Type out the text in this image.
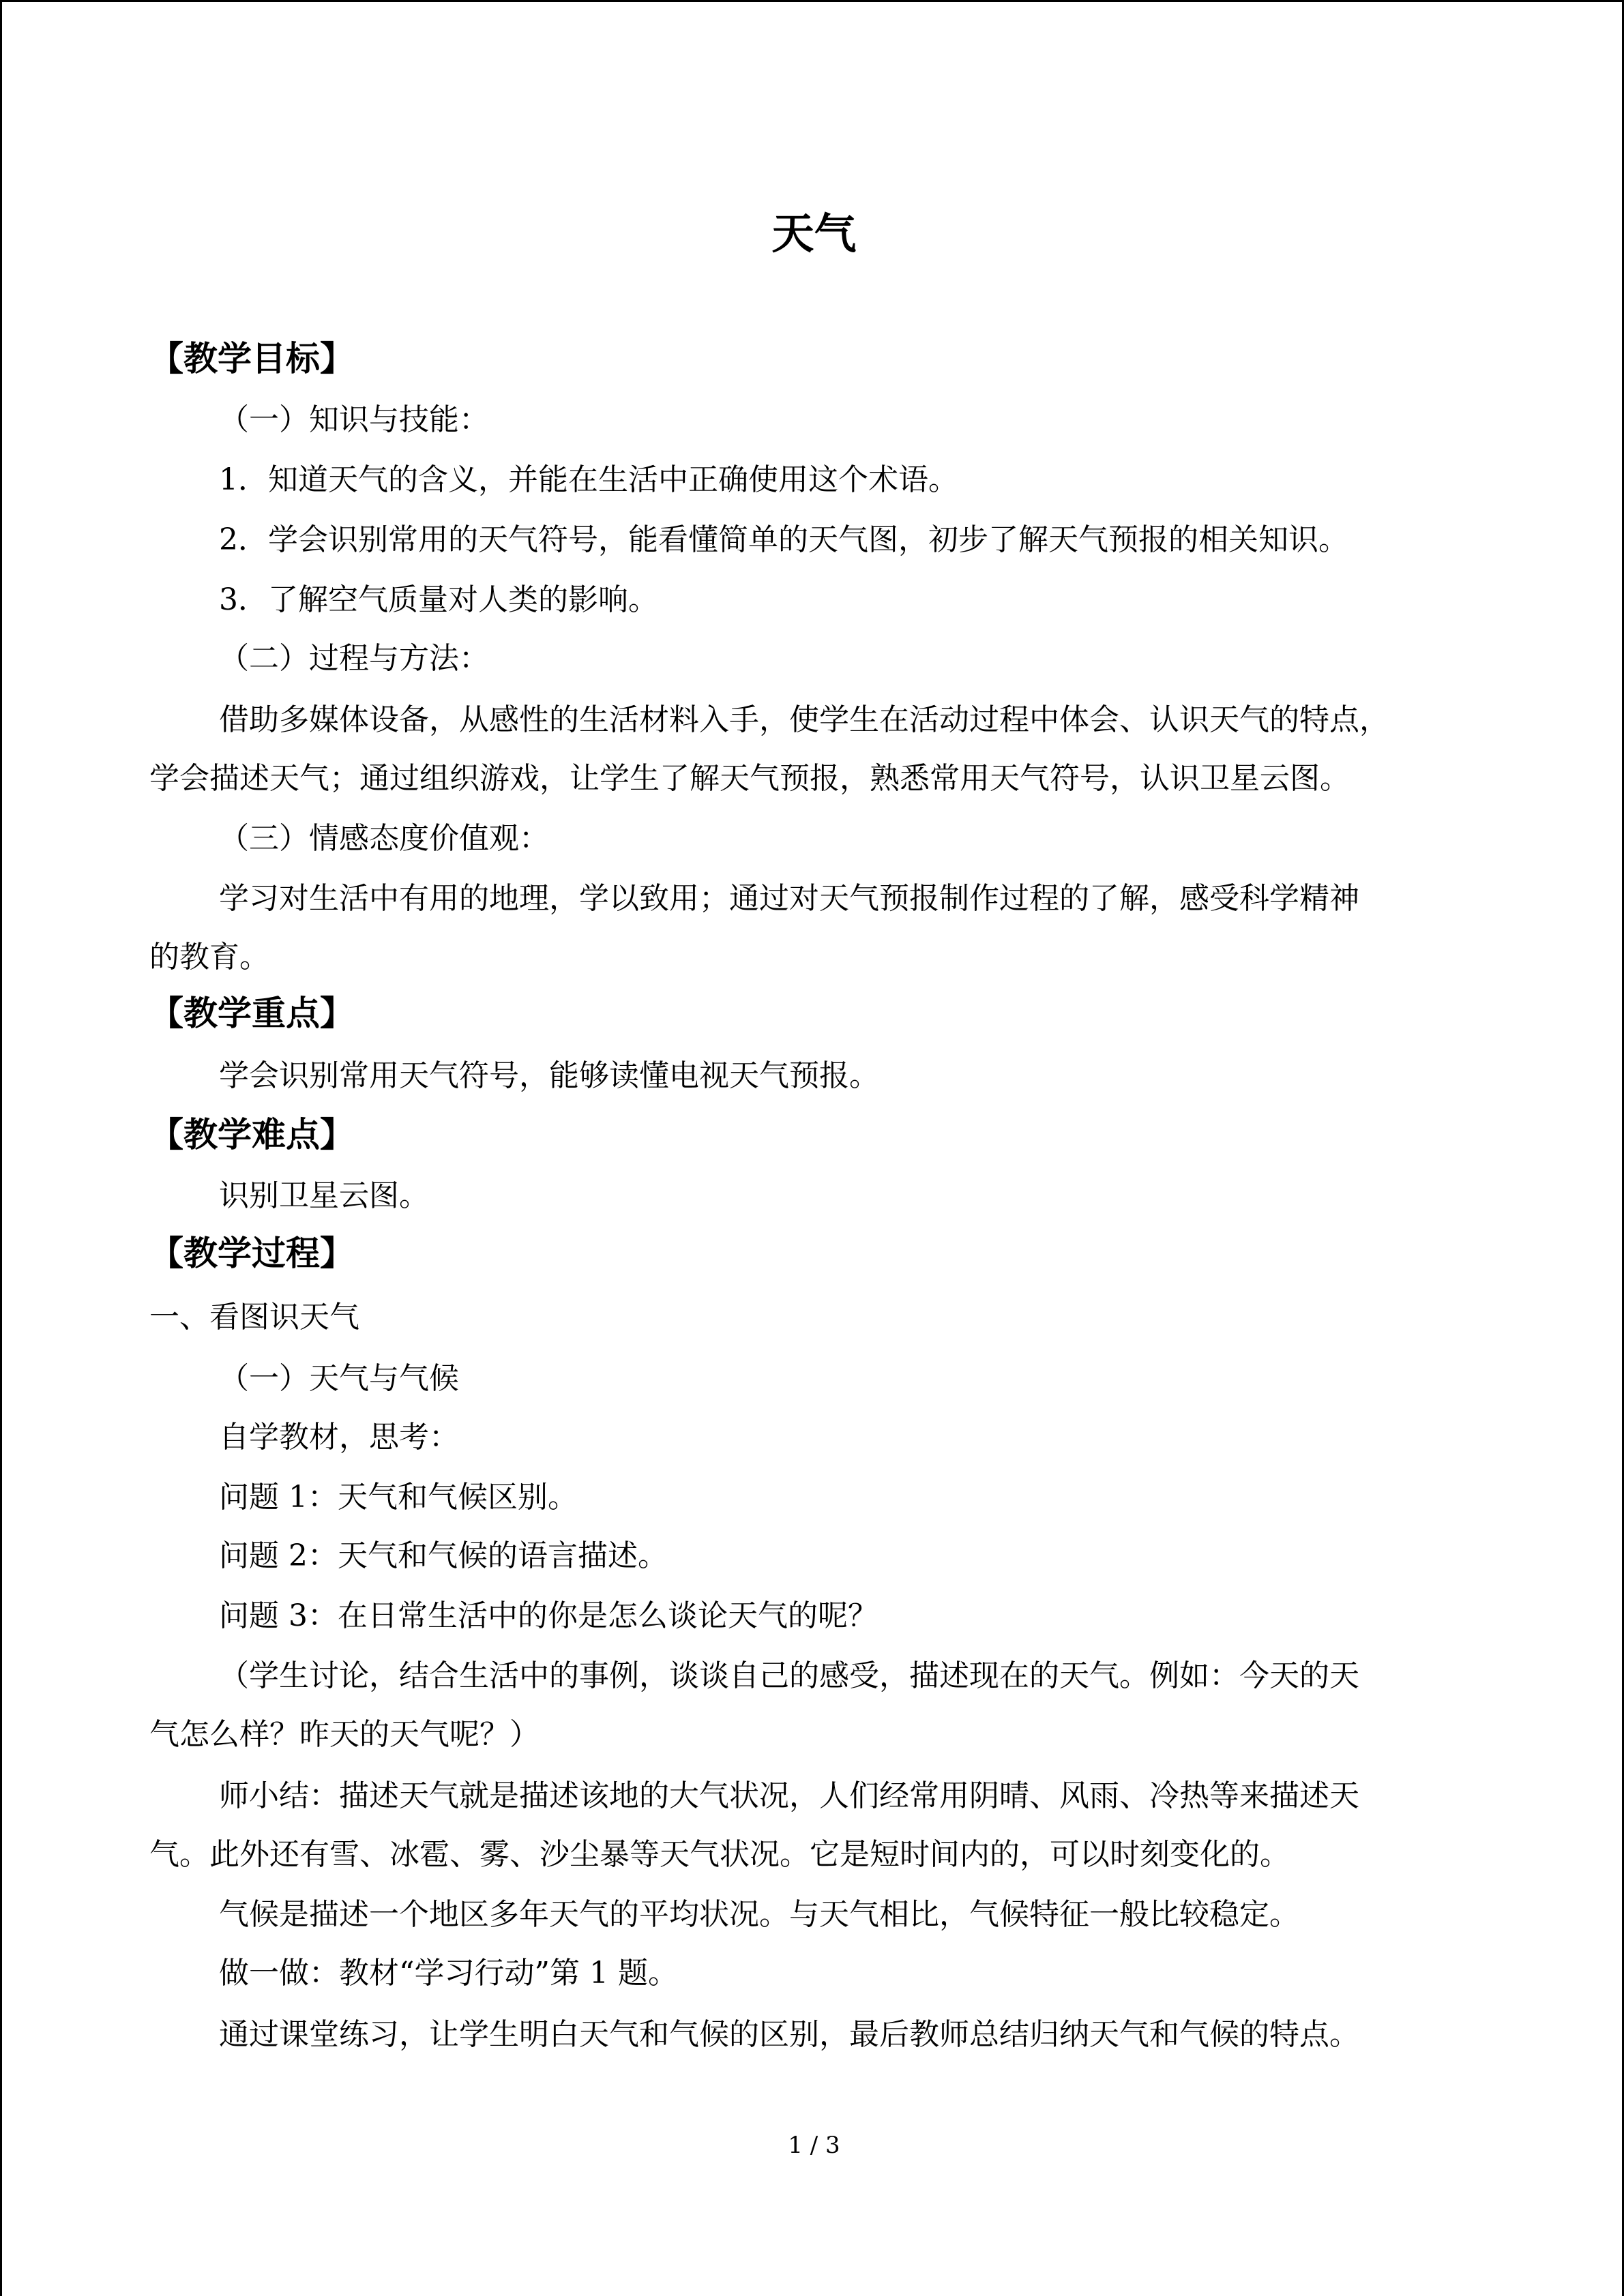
天气
【教学目标】
（一）知识与技能：
1．知道天气的含义，并能在生活中正确使用这个术语。
2．学会识别常用的天气符号，能看懂简单的天气图，初步了解天气预报的相关知识。
3．了解空气质量对人类的影响。
（二）过程与方法：
借助多媒体设备，从感性的生活材料入手，使学生在活动过程中体会、认识天气的特点，
学会描述天气；通过组织游戏，让学生了解天气预报，熟悉常用天气符号，认识卫星云图。
（三）情感态度价值观：
学习对生活中有用的地理，学以致用；通过对天气预报制作过程的了解，感受科学精神
的教育。
【教学重点】
学会识别常用天气符号，能够读懂电视天气预报。
【教学难点】
识别卫星云图。
【教学过程】
一、看图识天气
（一）天气与气候
自学教材，思考：
问题 1：天气和气候区别。
问题 2：天气和气候的语言描述。
问题 3：在日常生活中的你是怎么谈论天气的呢？
（学生讨论，结合生活中的事例，谈谈自己的感受，描述现在的天气。例如：今天的天
气怎么样？昨天的天气呢？）
师小结：描述天气就是描述该地的大气状况，人们经常用阴晴、风雨、冷热等来描述天
气。此外还有雪、冰雹、雾、沙尘暴等天气状况。它是短时间内的，可以时刻变化的。
气候是描述一个地区多年天气的平均状况。与天气相比，气候特征一般比较稳定。
做一做：教材“学习行动”第 1 题。
通过课堂练习，让学生明白天气和气候的区别，最后教师总结归纳天气和气候的特点。
1 / 3
